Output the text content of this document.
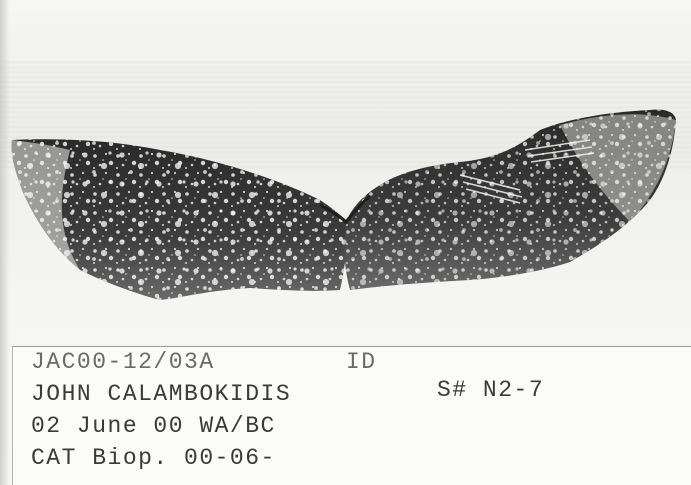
JAC00-12/03A	ID
JOHN CALAMBOKIDIS	S# N2-7
02 June 00 WA/BC
CAT Biop. 00-06-
